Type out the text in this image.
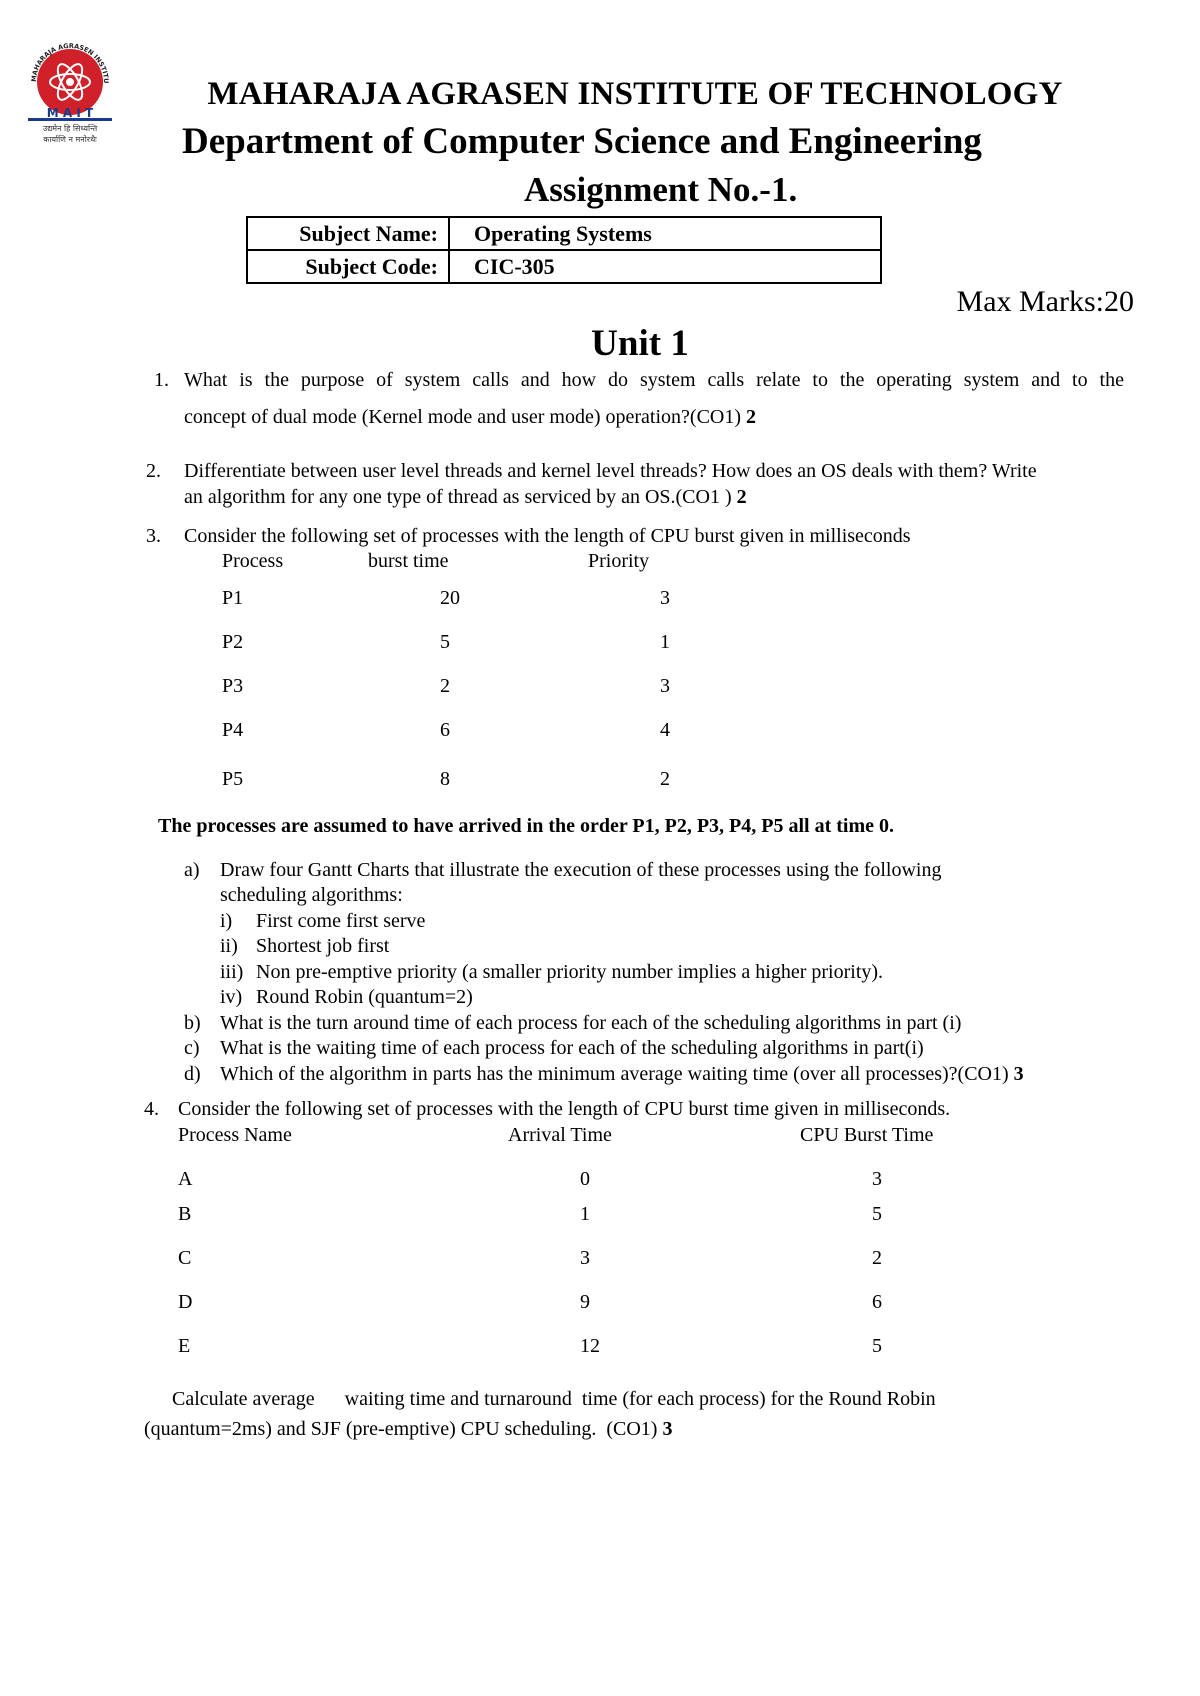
MAHARAJA AGRASEN INSTITU
M A I T
उद्यमेन हि सिध्यन्ति
कार्याणि न मनोरथैः
MAHARAJA AGRASEN INSTITUTE OF TECHNOLOGY
Department of Computer Science and Engineering
Assignment No.-1.
Subject Name:	Operating Systems
Subject Code:	CIC-305
Max Marks:20
Unit 1
1. What is the purpose of system calls and how do system calls relate to the operating system and to the
concept of dual mode (Kernel mode and user mode) operation?(CO1) 2
2. Differentiate between user level threads and kernel level threads? How does an OS deals with them? Write
an algorithm for any one type of thread as serviced by an OS.(CO1 ) 2
3. Consider the following set of processes with the length of CPU burst given in milliseconds
Process	burst time	Priority
P1	20	3
P2	5	1
P3	2	3
P4	6	4
P5	8	2
The processes are assumed to have arrived in the order P1, P2, P3, P4, P5 all at time 0.
a) Draw four Gantt Charts that illustrate the execution of these processes using the following
scheduling algorithms:
i) First come first serve
ii) Shortest job first
iii) Non pre-emptive priority (a smaller priority number implies a higher priority).
iv) Round Robin (quantum=2)
b) What is the turn around time of each process for each of the scheduling algorithms in part (i)
c) What is the waiting time of each process for each of the scheduling algorithms in part(i)
d) Which of the algorithm in parts has the minimum average waiting time (over all processes)?(CO1) 3
4. Consider the following set of processes with the length of CPU burst time given in milliseconds.
Process Name	Arrival Time	CPU Burst Time
A	0	3
B	1	5
C	3	2
D	9	6
E	12	5
Calculate average      waiting time and turnaround  time (for each process) for the Round Robin
(quantum=2ms) and SJF (pre-emptive) CPU scheduling.  (CO1) 3
